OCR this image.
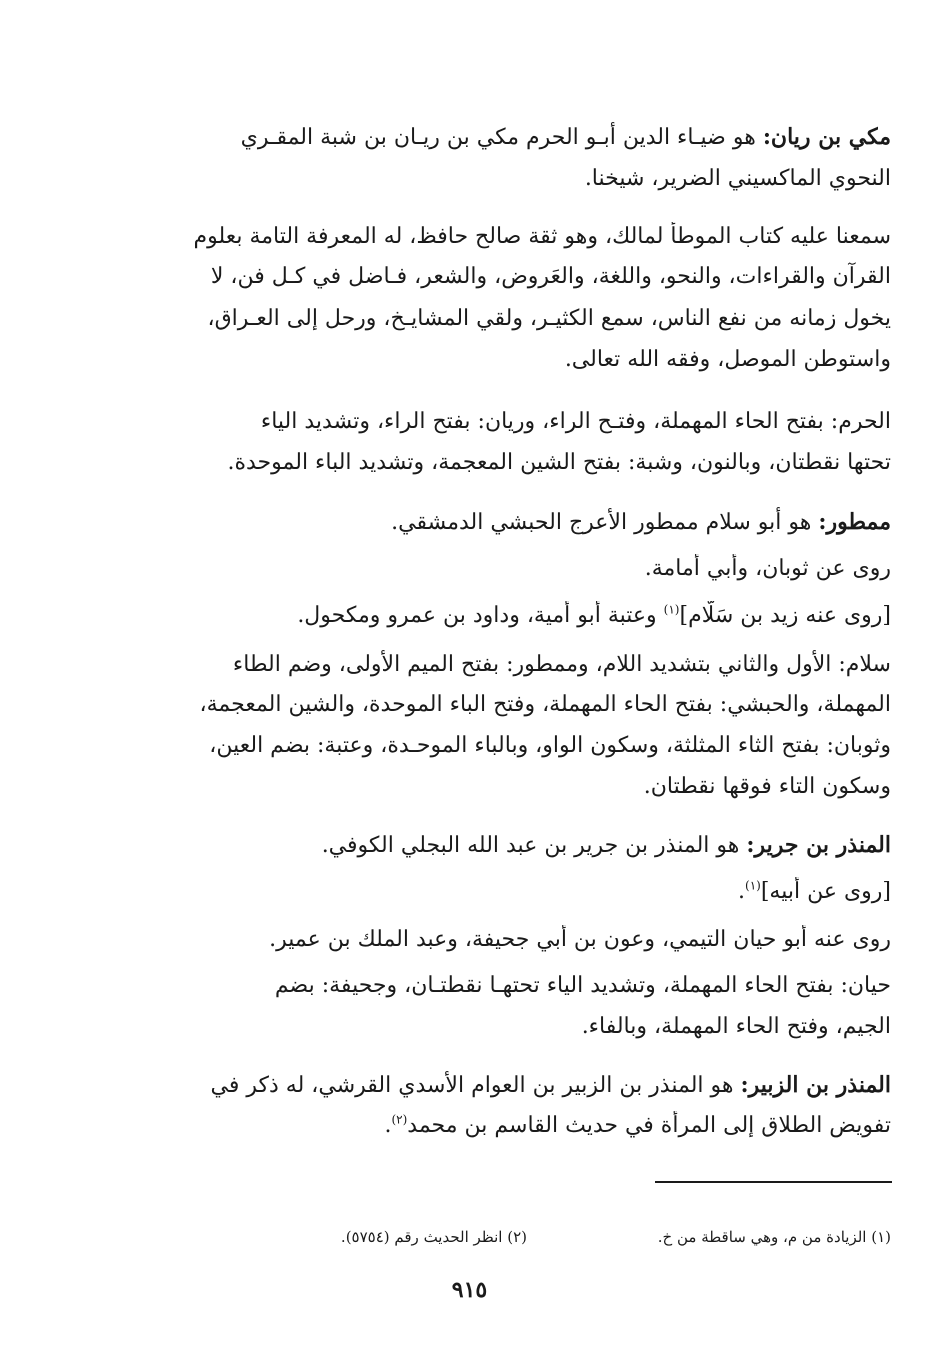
مكي بن ريان: هو ضيـاء الدين أبـو الحرم مكي بن ريـان بن شبة المقـري
النحوي الماكسيني الضرير، شيخنا.
سمعنا عليه كتاب الموطأ لمالك، وهو ثقة صالح حافظ، له المعرفة التامة بعلوم
القرآن والقراءات، والنحو، واللغة، والعَروض، والشعر، فـاضل في كـل فن، لا
يخول زمانه من نفع الناس، سمع الكثيـر، ولقي المشايـخ، ورحل إلى العـراق،
واستوطن الموصل، وفقه الله تعالى.
الحرم: بفتح الحاء المهملة، وفتـح الراء، وريان: بفتح الراء، وتشديد الياء
تحتها نقطتان، وبالنون، وشبة: بفتح الشين المعجمة، وتشديد الباء الموحدة.
ممطور: هو أبو سلام ممطور الأعرج الحبشي الدمشقي.
روى عن ثوبان، وأبي أمامة.
[روى عنه زيد بن سَلّام]$^{(١)}$ وعتبة أبو أمية، وداود بن عمرو ومكحول.
سلام: الأول والثاني بتشديد اللام، وممطور: بفتح الميم الأولى، وضم الطاء
المهملة، والحبشي: بفتح الحاء المهملة، وفتح الباء الموحدة، والشين المعجمة،
وثوبان: بفتح الثاء المثلثة، وسكون الواو، وبالباء الموحـدة، وعتبة: بضم العين،
وسكون التاء فوقها نقطتان.
المنذر بن جرير: هو المنذر بن جرير بن عبد الله البجلي الكوفي.
[روى عن أبيه]$^{(١)}$.
روى عنه أبو حيان التيمي، وعون بن أبي جحيفة، وعبد الملك بن عمير.
حيان: بفتح الحاء المهملة، وتشديد الياء تحتهـا نقطتـان، وجحيفة: بضم
الجيم، وفتح الحاء المهملة، وبالفاء.
المنذر بن الزبير: هو المنذر بن الزبير بن العوام الأسدي القرشي، له ذكر في
تفويض الطلاق إلى المرأة في حديث القاسم بن محمد$^{(٢)}$.
(١) الزيادة من م، وهي ساقطة من خ.
(٢) انظر الحديث رقم (٥٧٥٤).
٩١٥
